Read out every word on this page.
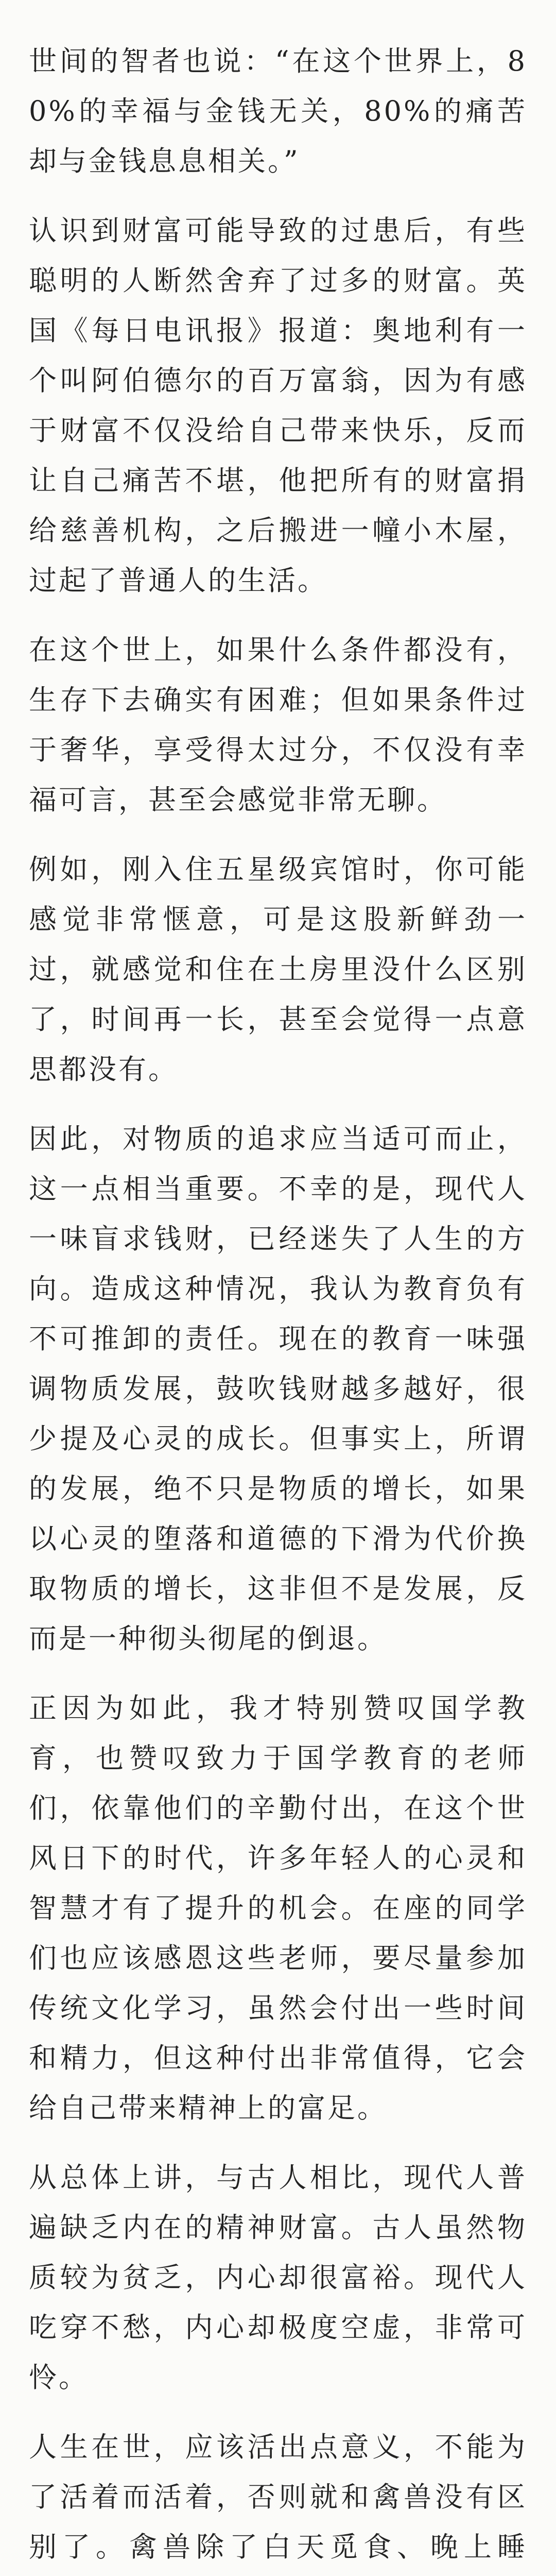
世间的智者也说：“在这个世界上，80%的幸福与金钱无关，80%的痛苦却与金钱息息相关。”

认识到财富可能导致的过患后，有些聪明的人断然舍弃了过多的财富。英国《每日电讯报》报道：奥地利有一个叫阿伯德尔的百万富翁，因为有感于财富不仅没给自己带来快乐，反而让自己痛苦不堪，他把所有的财富捐给慈善机构，之后搬进一幢小木屋，过起了普通人的生活。

在这个世上，如果什么条件都没有，生存下去确实有困难；但如果条件过于奢华，享受得太过分，不仅没有幸福可言，甚至会感觉非常无聊。

例如，刚入住五星级宾馆时，你可能感觉非常惬意，可是这股新鲜劲一过，就感觉和住在土房里没什么区别了，时间再一长，甚至会觉得一点意思都没有。

因此，对物质的追求应当适可而止，这一点相当重要。不幸的是，现代人一味盲求钱财，已经迷失了人生的方向。造成这种情况，我认为教育负有不可推卸的责任。现在的教育一味强调物质发展，鼓吹钱财越多越好，很少提及心灵的成长。但事实上，所谓的发展，绝不只是物质的增长，如果以心灵的堕落和道德的下滑为代价换取物质的增长，这非但不是发展，反而是一种彻头彻尾的倒退。

正因为如此，我才特别赞叹国学教育，也赞叹致力于国学教育的老师们，依靠他们的辛勤付出，在这个世风日下的时代，许多年轻人的心灵和智慧才有了提升的机会。在座的同学们也应该感恩这些老师，要尽量参加传统文化学习，虽然会付出一些时间和精力，但这种付出非常值得，它会给自己带来精神上的富足。

从总体上讲，与古人相比，现代人普遍缺乏内在的精神财富。古人虽然物质较为贫乏，内心却很富裕。现代人吃穿不愁，内心却极度空虚，非常可怜。

人生在世，应该活出点意义，不能为了活着而活着，否则就和禽兽没有区别了。禽兽除了白天觅食、晚上睡
